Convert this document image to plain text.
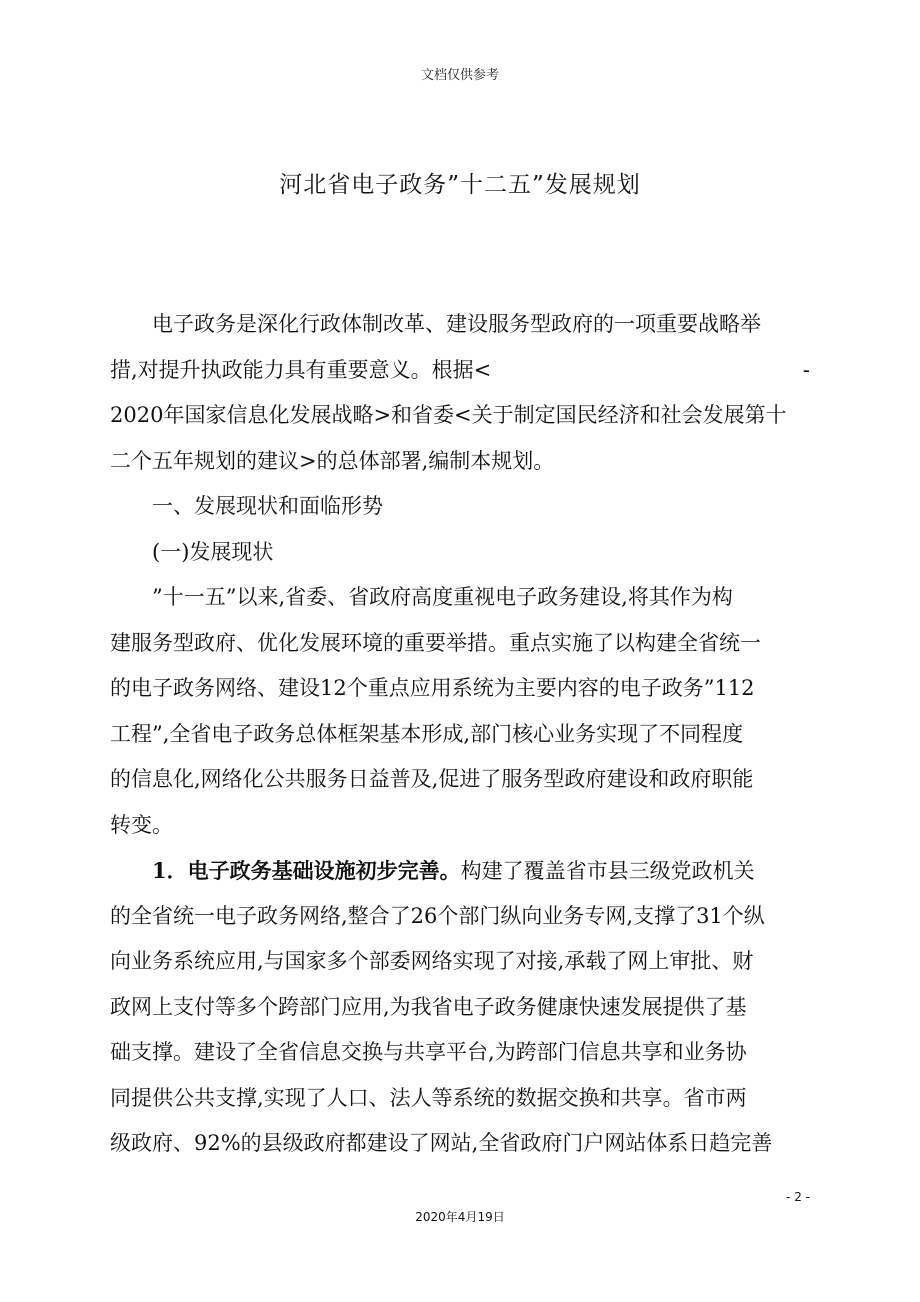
文档仅供参考
河北省电子政务”十二五”发展规划
电子政务是深化行政体制改革、建设服务型政府的一项重要战略举
措,对提升执政能力具有重要意义。根据<	-
2020年国家信息化发展战略>和省委<关于制定国民经济和社会发展第十
二个五年规划的建议>的总体部署,编制本规划。
一、发展现状和面临形势
(一)发展现状
”十一五”以来,省委、省政府高度重视电子政务建设,将其作为构
建服务型政府、优化发展环境的重要举措。重点实施了以构建全省统一
的电子政务网络、建设12个重点应用系统为主要内容的电子政务”112
工程”,全省电子政务总体框架基本形成,部门核心业务实现了不同程度
的信息化,网络化公共服务日益普及,促进了服务型政府建设和政府职能
转变。
1．电子政务基础设施初步完善。构建了覆盖省市县三级党政机关
的全省统一电子政务网络,整合了26个部门纵向业务专网,支撑了31个纵
向业务系统应用,与国家多个部委网络实现了对接,承载了网上审批、财
政网上支付等多个跨部门应用,为我省电子政务健康快速发展提供了基
础支撑。建设了全省信息交换与共享平台,为跨部门信息共享和业务协
同提供公共支撑,实现了人口、法人等系统的数据交换和共享。省市两
级政府、92%的县级政府都建设了网站,全省政府门户网站体系日趋完善
- 2 -
2020年4月19日
